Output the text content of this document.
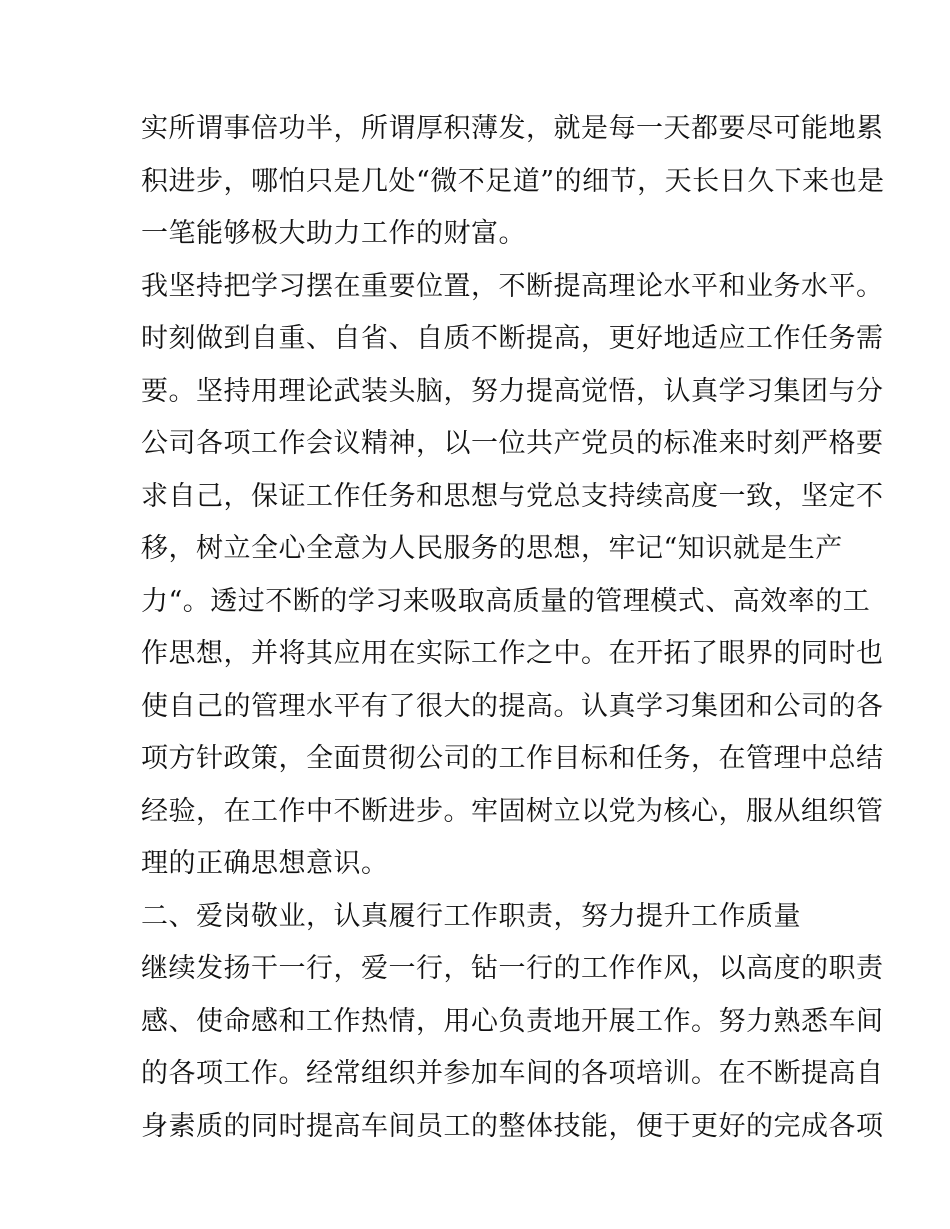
实所谓事倍功半，所谓厚积薄发，就是每一天都要尽可能地累
积进步，哪怕只是几处“微不足道”的细节，天长日久下来也是
一笔能够极大助力工作的财富。
我坚持把学习摆在重要位置，不断提高理论水平和业务水平。
时刻做到自重、自省、自质不断提高，更好地适应工作任务需
要。坚持用理论武装头脑，努力提高觉悟，认真学习集团与分
公司各项工作会议精神，以一位共产党员的标准来时刻严格要
求自己，保证工作任务和思想与党总支持续高度一致，坚定不
移，树立全心全意为人民服务的思想，牢记“知识就是生产
力“。透过不断的学习来吸取高质量的管理模式、高效率的工
作思想，并将其应用在实际工作之中。在开拓了眼界的同时也
使自己的管理水平有了很大的提高。认真学习集团和公司的各
项方针政策，全面贯彻公司的工作目标和任务，在管理中总结
经验，在工作中不断进步。牢固树立以党为核心，服从组织管
理的正确思想意识。
二、爱岗敬业，认真履行工作职责，努力提升工作质量
继续发扬干一行，爱一行，钻一行的工作作风，以高度的职责
感、使命感和工作热情，用心负责地开展工作。努力熟悉车间
的各项工作。经常组织并参加车间的各项培训。在不断提高自
身素质的同时提高车间员工的整体技能，便于更好的完成各项
